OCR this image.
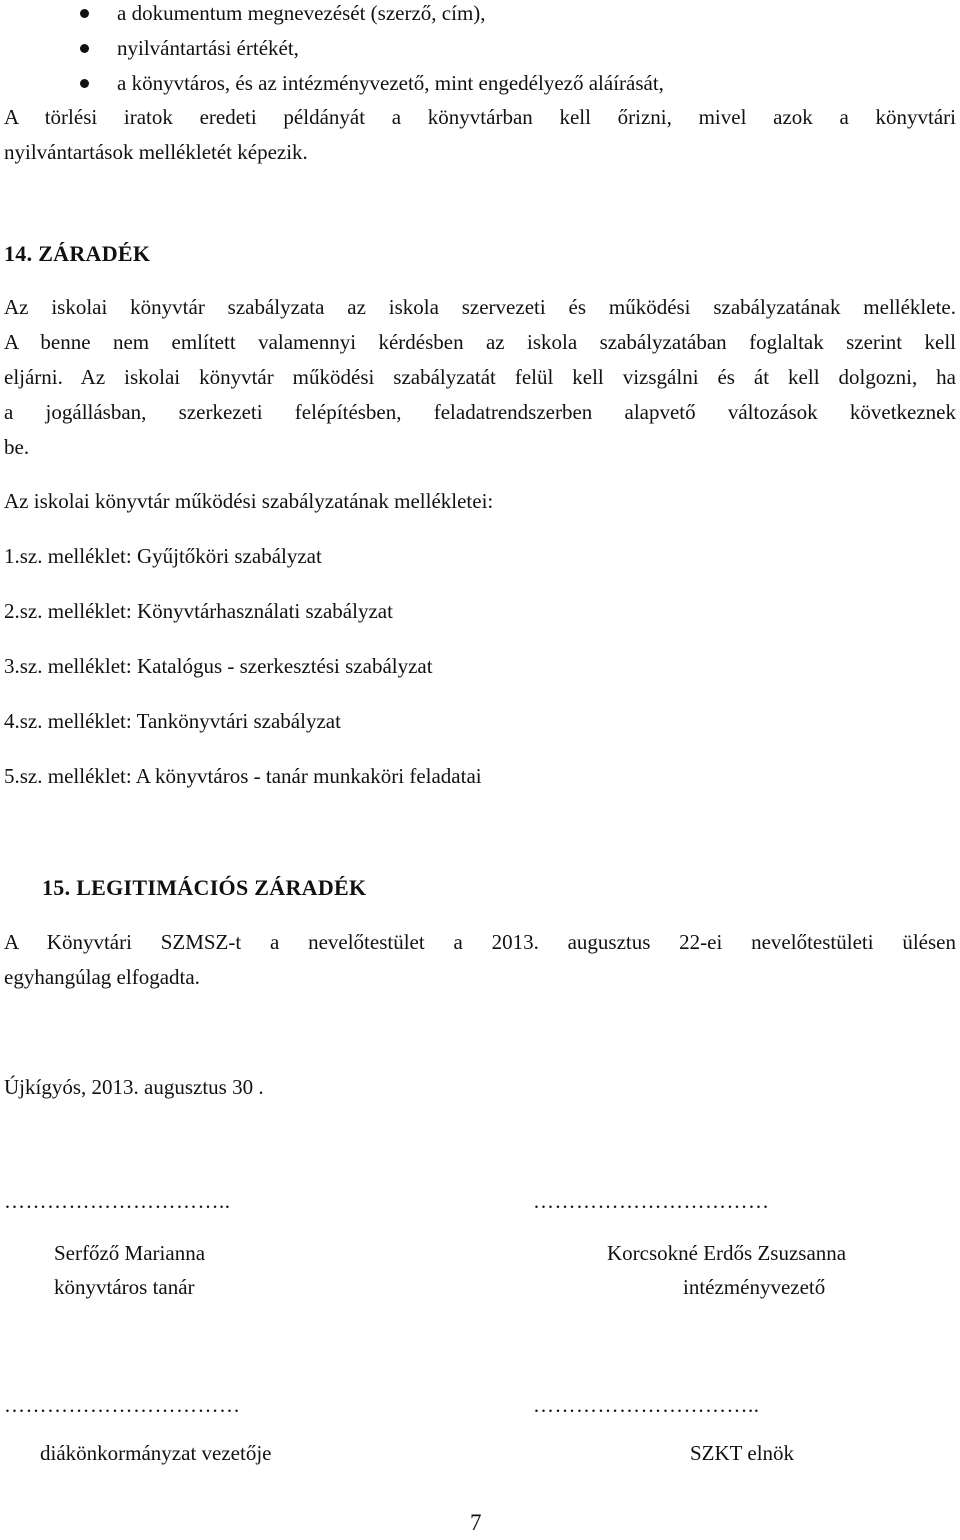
a dokumentum megnevezését (szerző, cím),
nyilvántartási értékét,
a könyvtáros, és az intézményvezető, mint engedélyező aláírását,

A törlési iratok eredeti példányát a könyvtárban kell őrizni, mivel azok a könyvtári
nyilvántartások mellékletét képezik.

14. ZÁRADÉK

Az iskolai könyvtár szabályzata az iskola szervezeti és működési szabályzatának melléklete.
A benne nem említett valamennyi kérdésben az iskola szabályzatában foglaltak szerint kell
eljárni. Az iskolai könyvtár működési szabályzatát felül kell vizsgálni és át kell dolgozni, ha
a jogállásban, szerkezeti felépítésben, feladatrendszerben alapvető változások következnek
be.

Az iskolai könyvtár működési szabályzatának mellékletei:
1.sz. melléklet: Gyűjtőköri szabályzat
2.sz. melléklet: Könyvtárhasználati szabályzat
3.sz. melléklet: Katalógus - szerkesztési szabályzat
4.sz. melléklet: Tankönyvtári szabályzat
5.sz. melléklet: A könyvtáros - tanár munkaköri feladatai
15. LEGITIMÁCIÓS ZÁRADÉK

A Könyvtári SZMSZ-t a nevelőtestület a 2013. augusztus 22-ei nevelőtestületi ülésen
egyhangúlag elfogadta.

Újkígyós, 2013. augusztus 30 .
…………………………..	……………………………
Serfőző Marianna
könyvtáros tanár
Korcsokné Erdős Zsuzsanna
intézményvezető
……………………………	…………………………..
diákönkormányzat vezetője	SZKT elnök
7
